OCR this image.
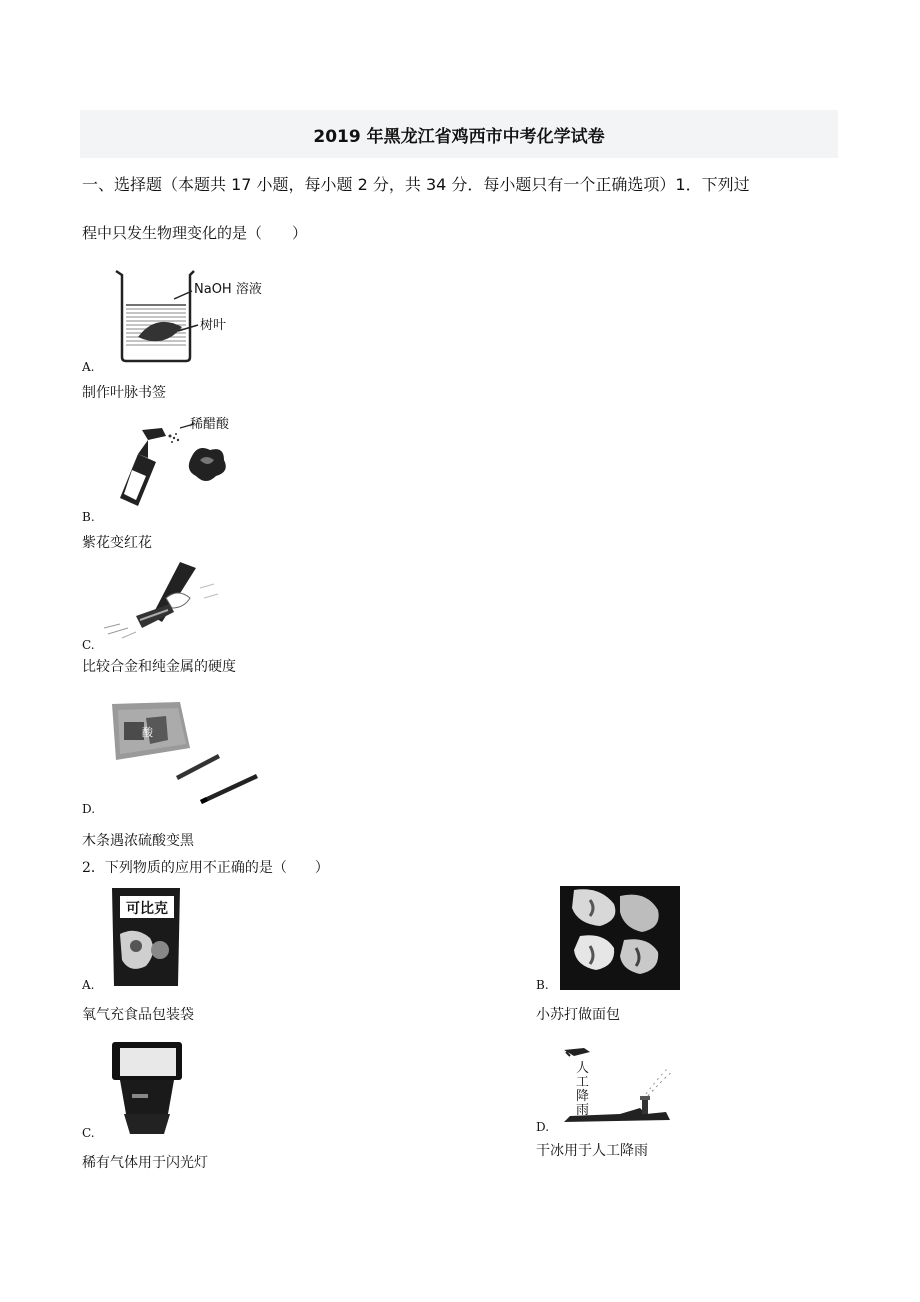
2019 年黑龙江省鸡西市中考化学试卷
一、选择题（本题共 17 小题，每小题 2 分，共 34 分．每小题只有一个正确选项）1．下列过
程中只发生物理变化的是（　　）
NaOH 溶液
树叶
A.
制作叶脉书签
稀醋酸
B.
紫花变红花
C.
比较合金和纯金属的硬度
酸
D.
木条遇浓硫酸变黑
2．下列物质的应用不正确的是（　　）
可比克
A.
氧气充食品包装袋
B.
小苏打做面包
C.
稀有气体用于闪光灯
人
工
降
雨
D.
干冰用于人工降雨
